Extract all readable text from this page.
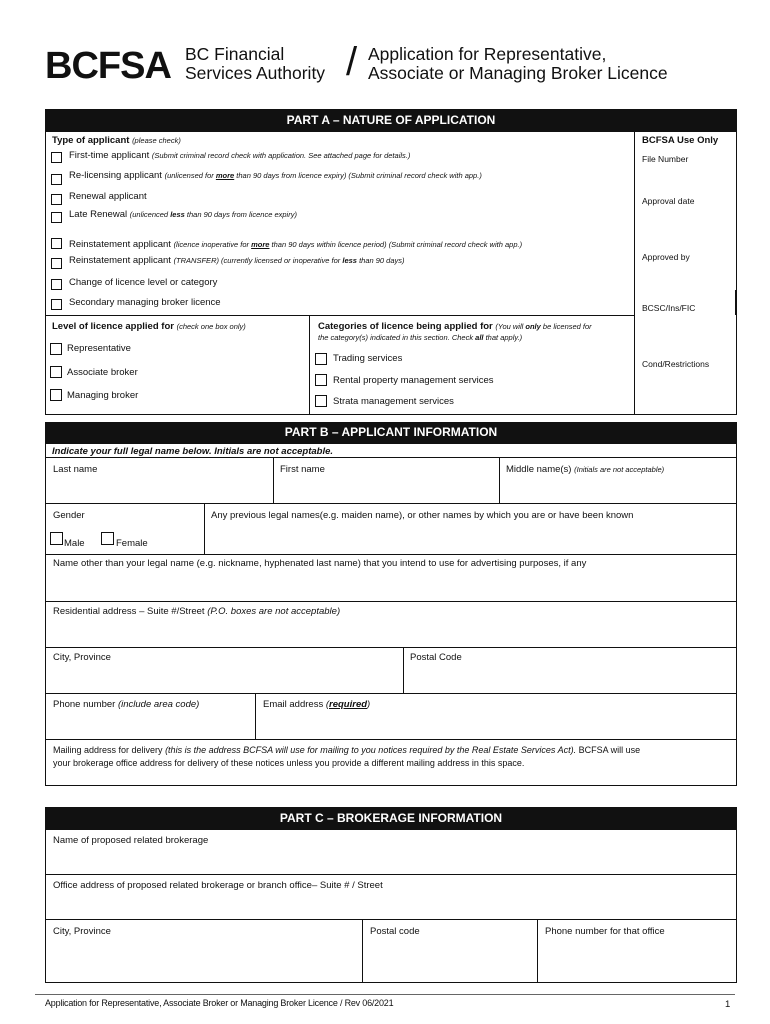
BCFSA BC Financial
Services Authority / Application for Representative,
Associate or Managing Broker Licence
PART A – NATURE OF APPLICATION
Type of applicant (please check)
First-time applicant (Submit criminal record check with application. See attached page for details.)
Re-licensing applicant (unlicensed for more than 90 days from licence expiry) (Submit criminal record check with app.)
Renewal applicant
Late Renewal (unlicenced less than 90 days from licence expiry)
Reinstatement applicant (licence inoperative for more than 90 days within licence period) (Submit criminal record check with app.)
Reinstatement applicant (TRANSFER) (currently licensed or inoperative for less than 90 days)
Change of licence level or category
Secondary managing broker licence
Level of licence applied for (check one box only)
Representative
Associate broker
Managing broker
Categories of licence being applied for (You will only be licensed for
the category(s) indicated in this section. Check all that apply.)
Trading services
Rental property management services
Strata management services
BCFSA Use Only
File Number
Approval date
Approved by
BCSC/Ins/FIC
Cond/Restrictions
PART B – APPLICANT INFORMATION
Indicate your full legal name below. Initials are not acceptable.
Last name	First name	Middle name(s) (Initials are not acceptable)
Gender	Any previous legal names(e.g. maiden name), or other names by which you are or have been known
Male	Female
Name other than your legal name (e.g. nickname, hyphenated last name) that you intend to use for advertising purposes, if any
Residential address – Suite #/Street (P.O. boxes are not acceptable)
City, Province	Postal Code
Phone number (include area code)	Email address (required)
Mailing address for delivery (this is the address BCFSA will use for mailing to you notices required by the Real Estate Services Act). BCFSA will use
your brokerage office address for delivery of these notices unless you provide a different mailing address in this space.
PART C – BROKERAGE INFORMATION
Name of proposed related brokerage
Office address of proposed related brokerage or branch office– Suite # / Street
City, Province	Postal code	Phone number for that office
Application for Representative, Associate Broker or Managing Broker Licence / Rev 06/2021	1
